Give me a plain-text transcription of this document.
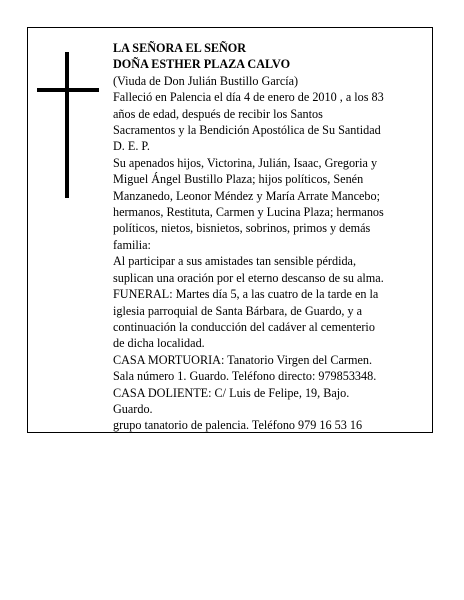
LA SEÑORA EL SEÑOR
DOÑA ESTHER PLAZA CALVO
(Viuda de Don Julián Bustillo García)
Falleció en Palencia el día 4 de enero de 2010 , a los 83
años de edad, después de recibir los Santos
Sacramentos y la Bendición Apostólica de Su Santidad
D. E. P.
Su apenados hijos, Victorina, Julián, Isaac, Gregoria y
Miguel Ángel Bustillo Plaza; hijos políticos, Senén
Manzanedo, Leonor Méndez y María Arrate Mancebo;
hermanos, Restituta, Carmen y Lucina Plaza; hermanos
políticos, nietos, bisnietos, sobrinos, primos y demás
familia:
Al participar a sus amistades tan sensible pérdida,
suplican una oración por el eterno descanso de su alma.
FUNERAL: Martes día 5, a las cuatro de la tarde en la
iglesia parroquial de Santa Bárbara, de Guardo, y a
continuación la conducción del cadáver al cementerio
de dicha localidad.
CASA MORTUORIA: Tanatorio Virgen del Carmen.
Sala número 1. Guardo. Teléfono directo: 979853348.
CASA DOLIENTE: C/ Luis de Felipe, 19, Bajo.
Guardo.
grupo tanatorio de palencia. Teléfono 979 16 53 16
